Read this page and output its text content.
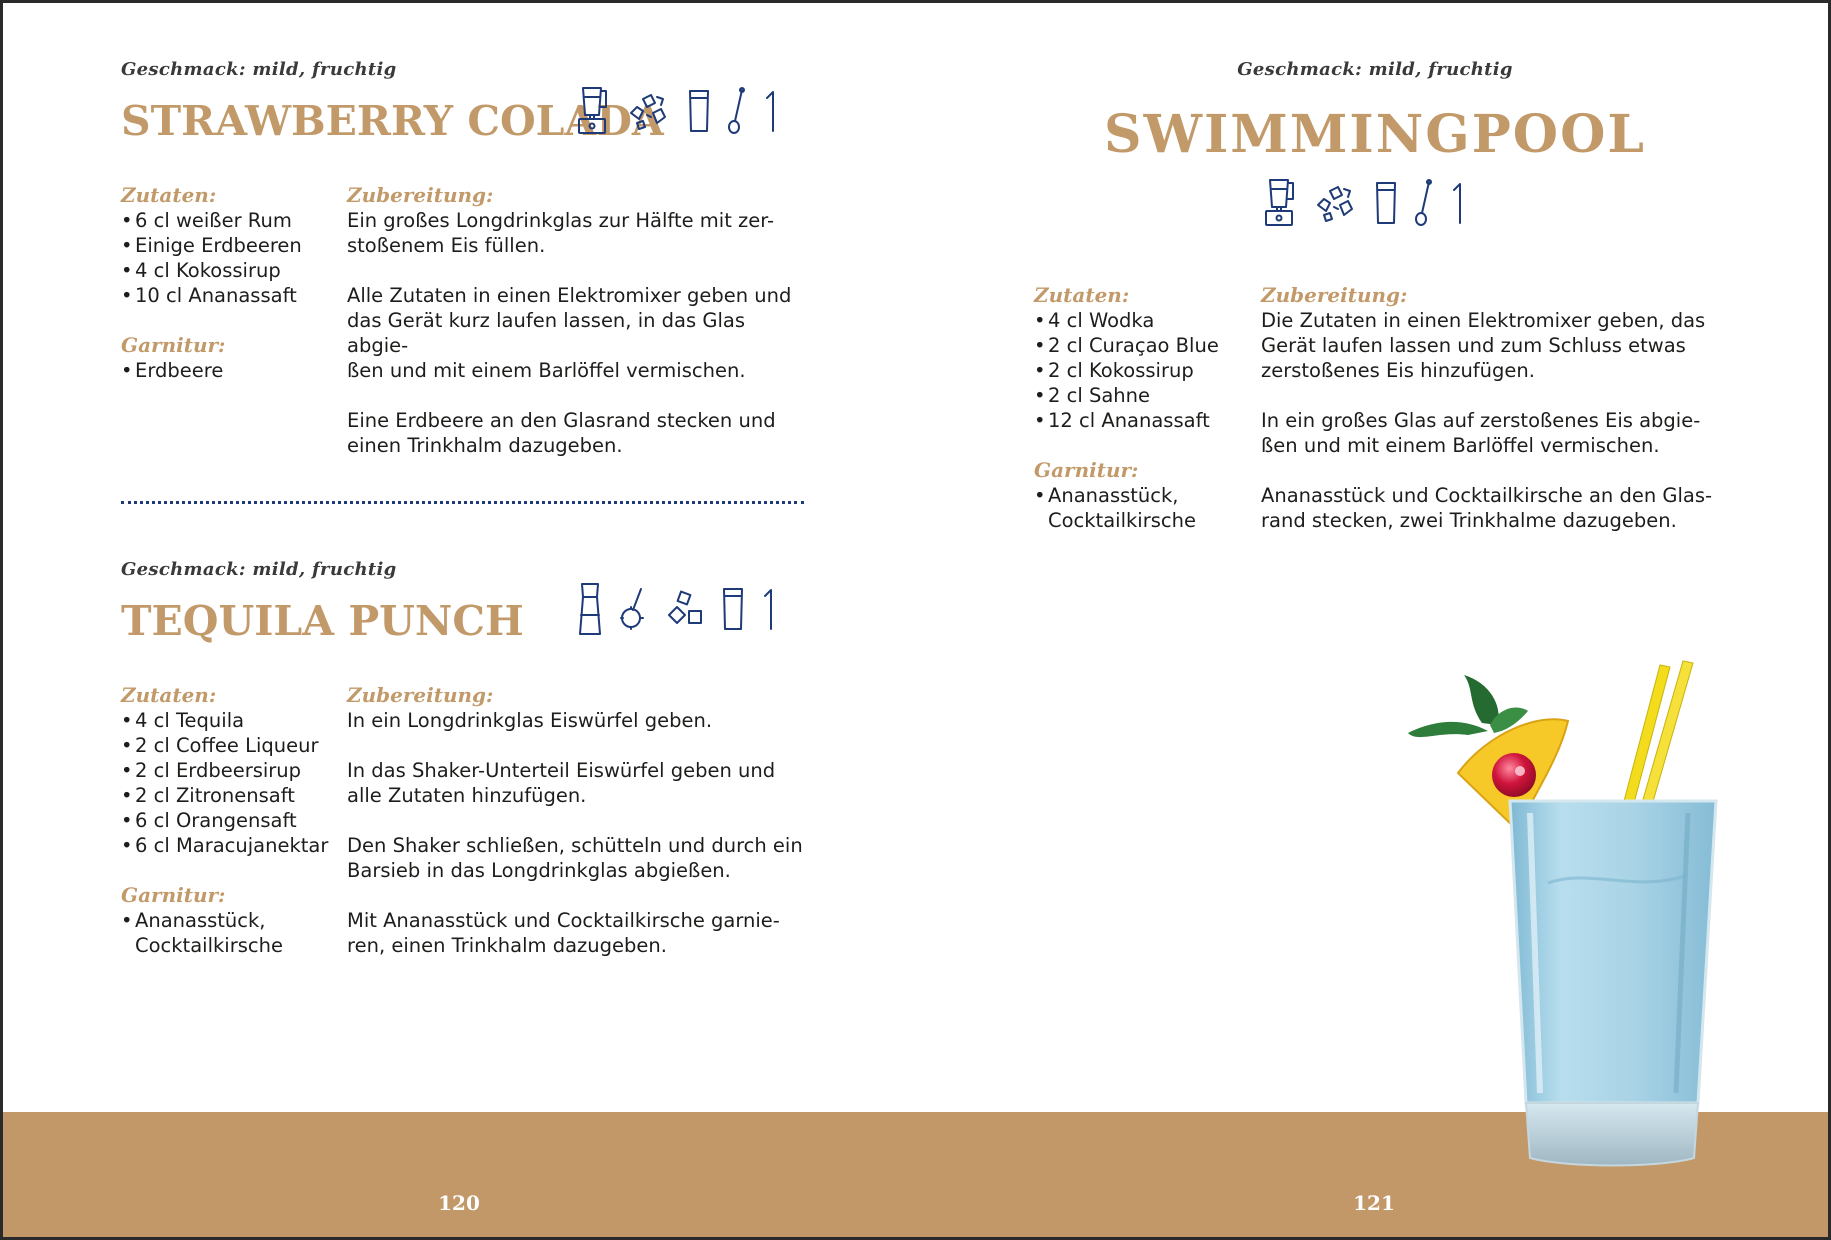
Geschmack: mild, fruchtig
STRAWBERRY COLADA
Zutaten:
• 6 cl weißer Rum
• Einige Erdbeeren
• 4 cl Kokossirup
• 10 cl Ananassaft
Garnitur:
• Erdbeere
Zubereitung:

Ein großes Longdrinkglas zur Hälfte mit zer-
stoßenem Eis füllen.

Alle Zutaten in einen Elektromixer geben und
das Gerät kurz laufen lassen, in das Glas abgie-
ßen und mit einem Barlöffel vermischen.

Eine Erdbeere an den Glasrand stecken und
einen Trinkhalm dazugeben.

Geschmack: mild, fruchtig
TEQUILA PUNCH
Zutaten:
• 4 cl Tequila
• 2 cl Coffee Liqueur
• 2 cl Erdbeersirup
• 2 cl Zitronensaft
• 6 cl Orangensaft
• 6 cl Maracujanektar
Garnitur:
• Ananasstück,
Cocktailkirsche
Zubereitung:

In ein Longdrinkglas Eiswürfel geben.

In das Shaker-Unterteil Eiswürfel geben und
alle Zutaten hinzufügen.

Den Shaker schließen, schütteln und durch ein
Barsieb in das Longdrinkglas abgießen.

Mit Ananasstück und Cocktailkirsche garnie-
ren, einen Trinkhalm dazugeben.

Geschmack: mild, fruchtig
SWIMMINGPOOL
Zutaten:
• 4 cl Wodka
• 2 cl Curaçao Blue
• 2 cl Kokossirup
• 2 cl Sahne
• 12 cl Ananassaft
Garnitur:
• Ananasstück,
Cocktailkirsche
Zubereitung:

Die Zutaten in einen Elektromixer geben, das
Gerät laufen lassen und zum Schluss etwas
zerstoßenes Eis hinzufügen.

In ein großes Glas auf zerstoßenes Eis abgie-
ßen und mit einem Barlöffel vermischen.

Ananasstück und Cocktailkirsche an den Glas-
rand stecken, zwei Trinkhalme dazugeben.

120	121
